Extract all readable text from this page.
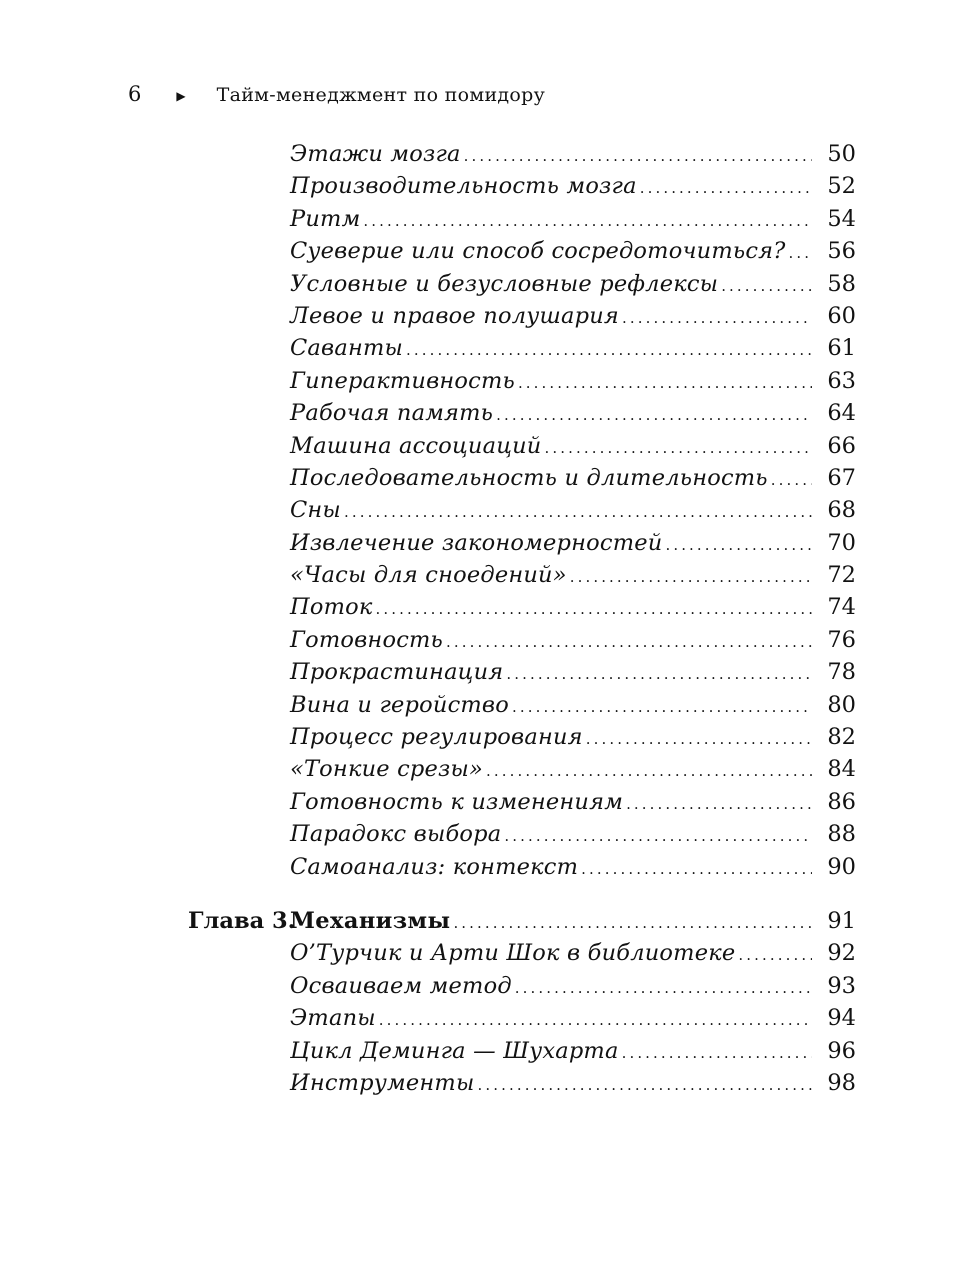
6	▶ Тайм-менеджмент по помидору
Этажи мозга .....	50
Производительность мозга .....	52
Ритм .....	54
Суеверие или способ сосредоточиться? .....	56
Условные и безусловные рефлексы .....	58
Левое и правое полушария .....	60
Саванты .....	61
Гиперактивность .....	63
Рабочая память .....	64
Машина ассоциаций .....	66
Последовательность и длительность .....	67
Сны .....	68
Извлечение закономерностей .....	70
«Часы для сноедений» .....	72
Поток .....	74
Готовность .....	76
Прокрастинация .....	78
Вина и геройство .....	80
Процесс регулирования .....	82
«Тонкие срезы» .....	84
Готовность к изменениям .....	86
Парадокс выбора .....	88
Самоанализ: контекст .....	90
Глава 3.
Механизмы .....	91
О’Турчик и Арти Шок в библиотеке .....	92
Осваиваем метод .....	93
Этапы .....	94
Цикл Деминга — Шухарта .....	96
Инструменты .....	98
